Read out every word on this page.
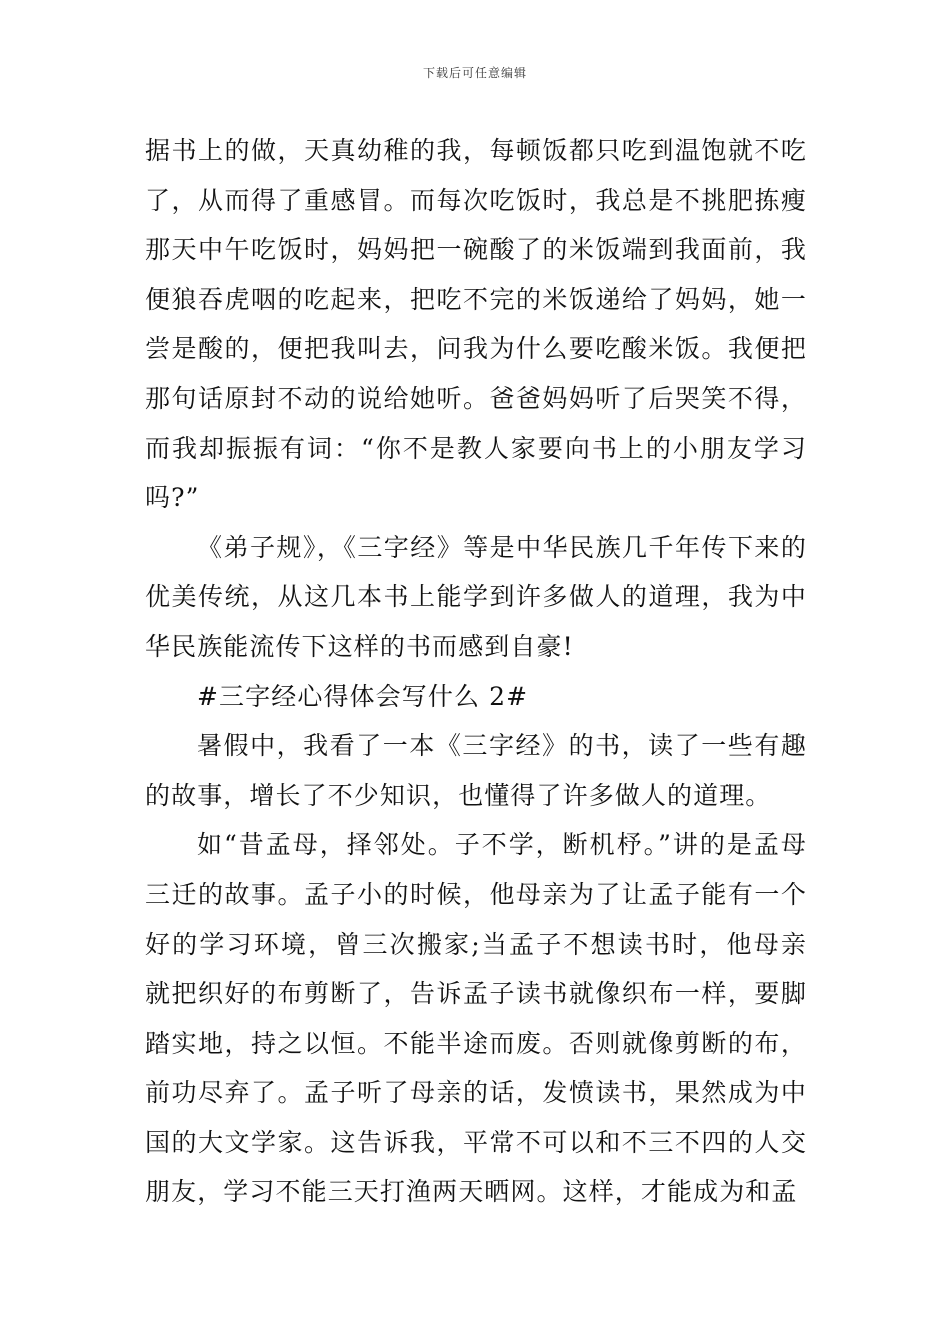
下载后可任意编辑

据书上的做，天真幼稚的我，每顿饭都只吃到温饱就不吃了，从而得了重感冒。而每次吃饭时，我总是不挑肥拣瘦那天中午吃饭时，妈妈把一碗酸了的米饭端到我面前，我便狼吞虎咽的吃起来，把吃不完的米饭递给了妈妈，她一尝是酸的，便把我叫去，问我为什么要吃酸米饭。我便把那句话原封不动的说给她听。爸爸妈妈听了后哭笑不得，而我却振振有词：“你不是教人家要向书上的小朋友学习吗?”

《弟子规》，《三字经》等是中华民族几千年传下来的优美传统，从这几本书上能学到许多做人的道理，我为中华民族能流传下这样的书而感到自豪!

#三字经心得体会写什么 2#

暑假中，我看了一本《三字经》的书，读了一些有趣的故事，增长了不少知识，也懂得了许多做人的道理。

如“昔孟母，择邻处。子不学，断机杼。”讲的是孟母三迁的故事。孟子小的时候，他母亲为了让孟子能有一个好的学习环境，曾三次搬家;当孟子不想读书时，他母亲就把织好的布剪断了，告诉孟子读书就像织布一样，要脚踏实地，持之以恒。不能半途而废。否则就像剪断的布，前功尽弃了。孟子听了母亲的话，发愤读书，果然成为中国的大文学家。这告诉我，平常不可以和不三不四的人交朋友，学习不能三天打渔两天晒网。这样，才能成为和孟
